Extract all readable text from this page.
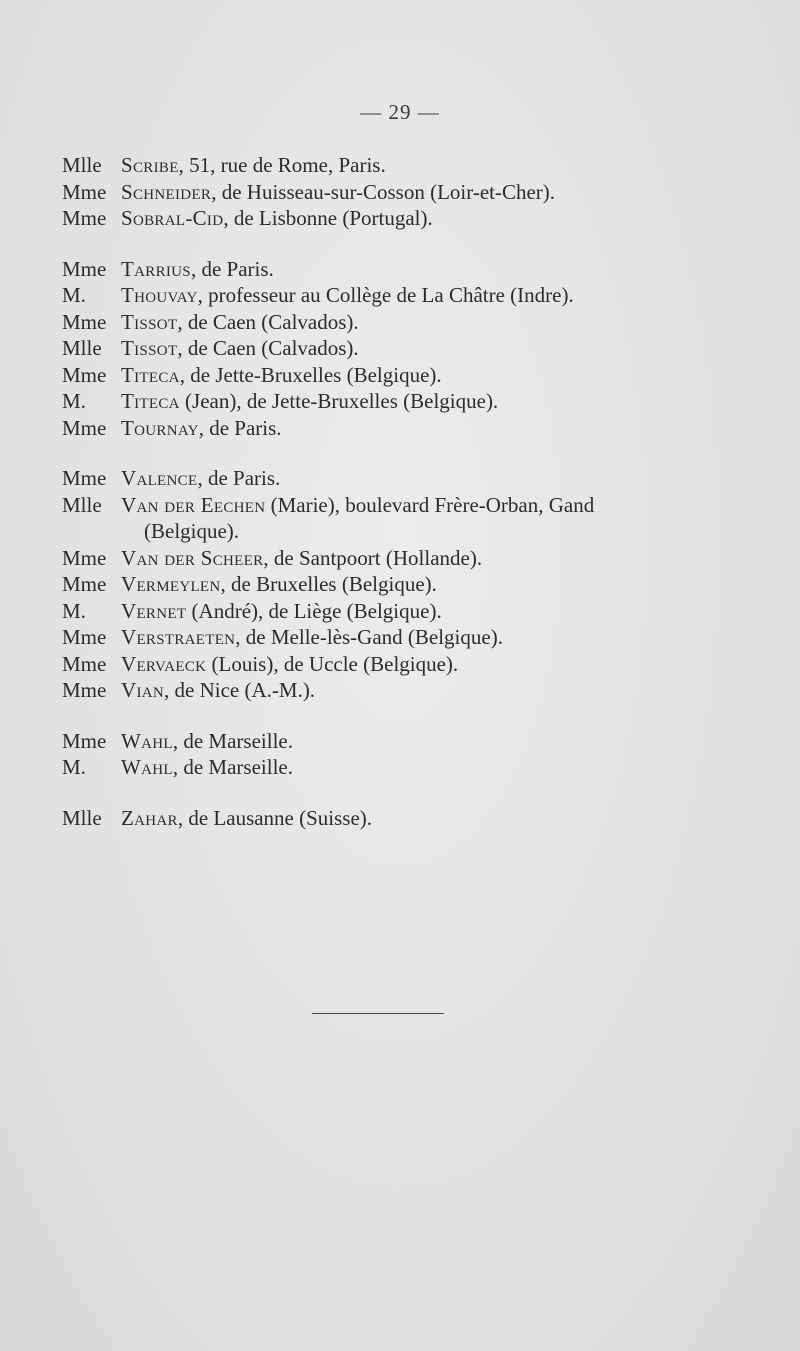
— 29 —
Mlle Scribe, 51, rue de Rome, Paris.
Mme Schneider, de Huisseau-sur-Cosson (Loir-et-Cher).
Mme Sobral-Cid, de Lisbonne (Portugal).
Mme Tarrius, de Paris.
M.	Thouvay, professeur au Collège de La Châtre (Indre).
Mme Tissot, de Caen (Calvados).
Mlle Tissot, de Caen (Calvados).
Mme Titeca, de Jette-Bruxelles (Belgique).
M.	Titeca (Jean), de Jette-Bruxelles (Belgique).
Mme Tournay, de Paris.
Mme Valence, de Paris.
Mlle Van der Eechen (Marie), boulevard Frère-Orban, Gand
(Belgique).
Mme Van der Scheer, de Santpoort (Hollande).
Mme Vermeylen, de Bruxelles (Belgique).
M.	Vernet (André), de Liège (Belgique).
Mme Verstraeten, de Melle-lès-Gand (Belgique).
Mme Vervaeck (Louis), de Uccle (Belgique).
Mme Vian, de Nice (A.-M.).
Mme Wahl, de Marseille.
M.	Wahl, de Marseille.
Mlle Zahar, de Lausanne (Suisse).
